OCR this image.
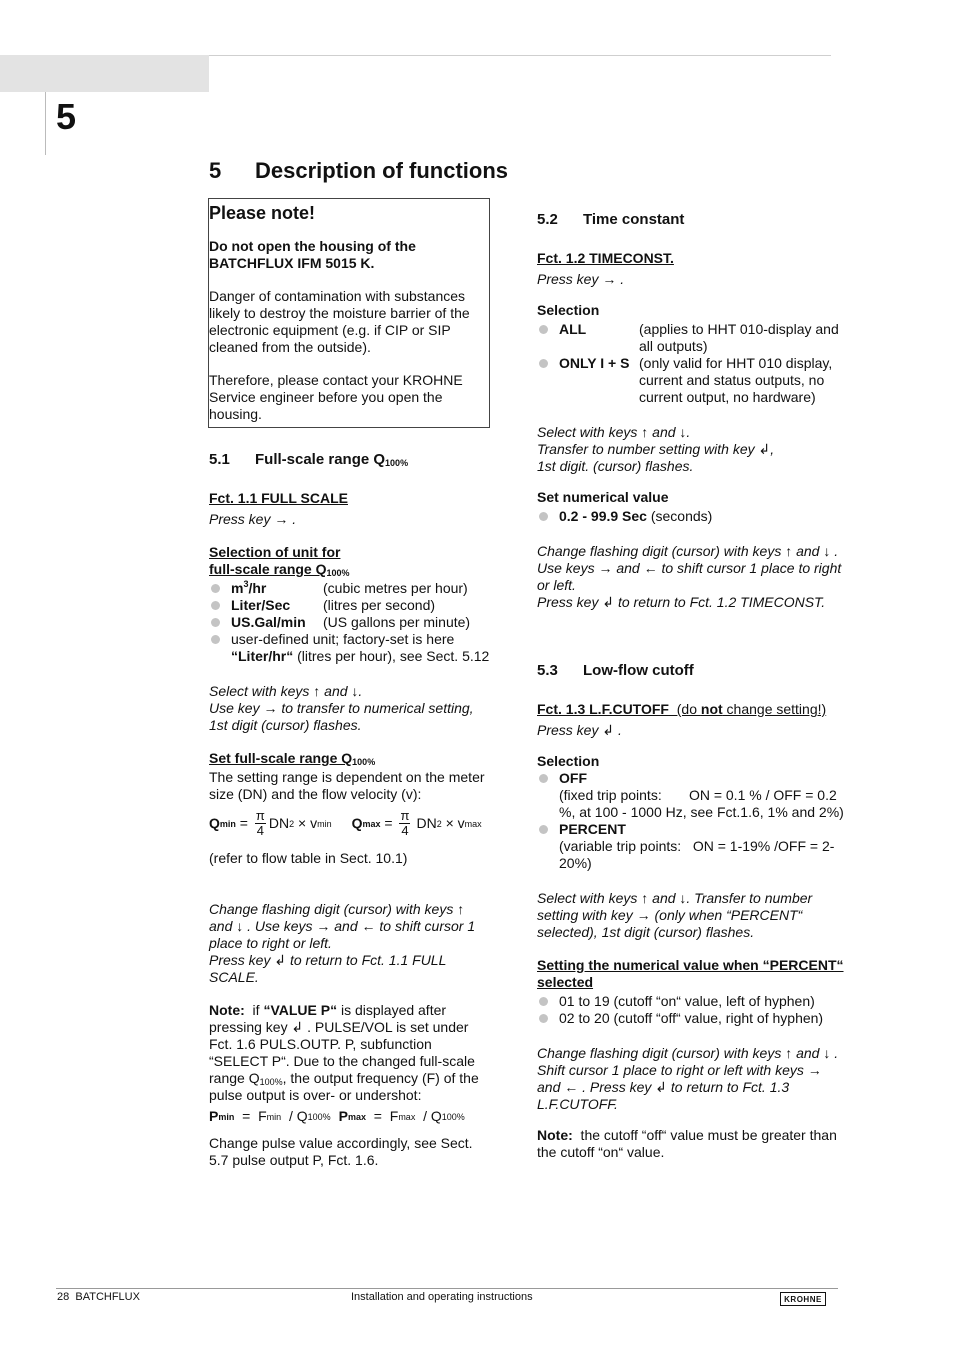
5
5 Description of functions
Please note!

Do not open the housing of the
BATCHFLUX IFM 5015 K.

Danger of contamination with substances likely to destroy the moisture barrier of the electronic equipment (e.g. if CIP or SIP cleaned from the outside).

Therefore, please contact your KROHNE Service engineer before you open the housing.

5.1 Full-scale range $Q_{100\%}$

Fct. 1.1 FULL SCALE

Press key → .

Selection of unit for
full-scale range $Q_{100\%}$

$m^3/hr$	(cubic metres per hour)
Liter/Sec (litres per second)
US.Gal/min (US gallons per minute)
user-defined unit; factory-set is here “Liter/hr“ (litres per hour), see Sect. 5.12

Select with keys ↑ and ↓.
Use key → to transfer to numerical setting, 1st digit (cursor) flashes.

Set full-scale range $Q_{100\%}$

The setting range is dependent on the meter size (DN) and the flow velocity (v):

Q $\min = \frac{\pi}{4}$ DN 2 × v min Q $\max = \frac{\pi}{4}$ DN 2 × v max

(refer to flow table in Sect. 10.1)

Change flashing digit (cursor) with keys ↑ and ↓ . Use keys → and ← to shift cursor 1 place to right or left.
Press key ↲ to return to Fct. 1.1 FULL SCALE.

Note:  if “VALUE P“ is displayed after pressing key ↲ . PULSE/VOL is set under Fct. 1.6 PULS.OUTP. P, subfunction “SELECT P“. Due to the changed full-scale range $Q_{100\%}$, the output frequency (F) of the pulse output is over- or undershot:

P min = F min / Q 100% P max = F max / Q 100%

Change pulse value accordingly, see Sect. 5.7 pulse output P, Fct. 1.6.

5.2 Time constant

Fct. 1.2 TIMECONST.

Press key → .

Selection

ALL	(applies to HHT 010-display and all outputs)
ONLY I + S (only valid for HHT 010 display, current and status outputs, no current output, no hardware)

Select with keys ↑ and ↓.
Transfer to number setting with key ↲,
1st digit. (cursor) flashes.

Set numerical value

0.2 - 99.9 Sec (seconds)

Change flashing digit (cursor) with keys ↑ and ↓ . Use keys → and ← to shift cursor 1 place to right or left.
Press key ↲ to return to Fct. 1.2 TIMECONST.

5.3 Low-flow cutoff

Fct. 1.3 L.F.CUTOFF  (do not change setting!)

Press key ↲ .

Selection

OFF
(fixed trip points:       ON = 0.1 % / OFF = 0.2 %, at 100 - 1000 Hz, see Fct.1.6, 1% and 2%)
PERCENT
(variable trip points:   ON = 1-19% /OFF = 2-20%)

Select with keys ↑ and ↓. Transfer to number setting with key → (only when “PERCENT“ selected), 1st digit (cursor) flashes.

Setting the numerical value when “PERCENT“ selected

01 to 19 (cutoff “on“ value, left of hyphen)
02 to 20 (cutoff “off“ value, right of hyphen)

Change flashing digit (cursor) with keys ↑ and ↓ . Shift cursor 1 place to right or left with keys → and ← . Press key ↲ to return to Fct. 1.3 L.F.CUTOFF.

Note:  the cutoff “off“ value must be greater than the cutoff “on“ value.

28 BATCHFLUX	Installation and operating instructions	KROHNE
